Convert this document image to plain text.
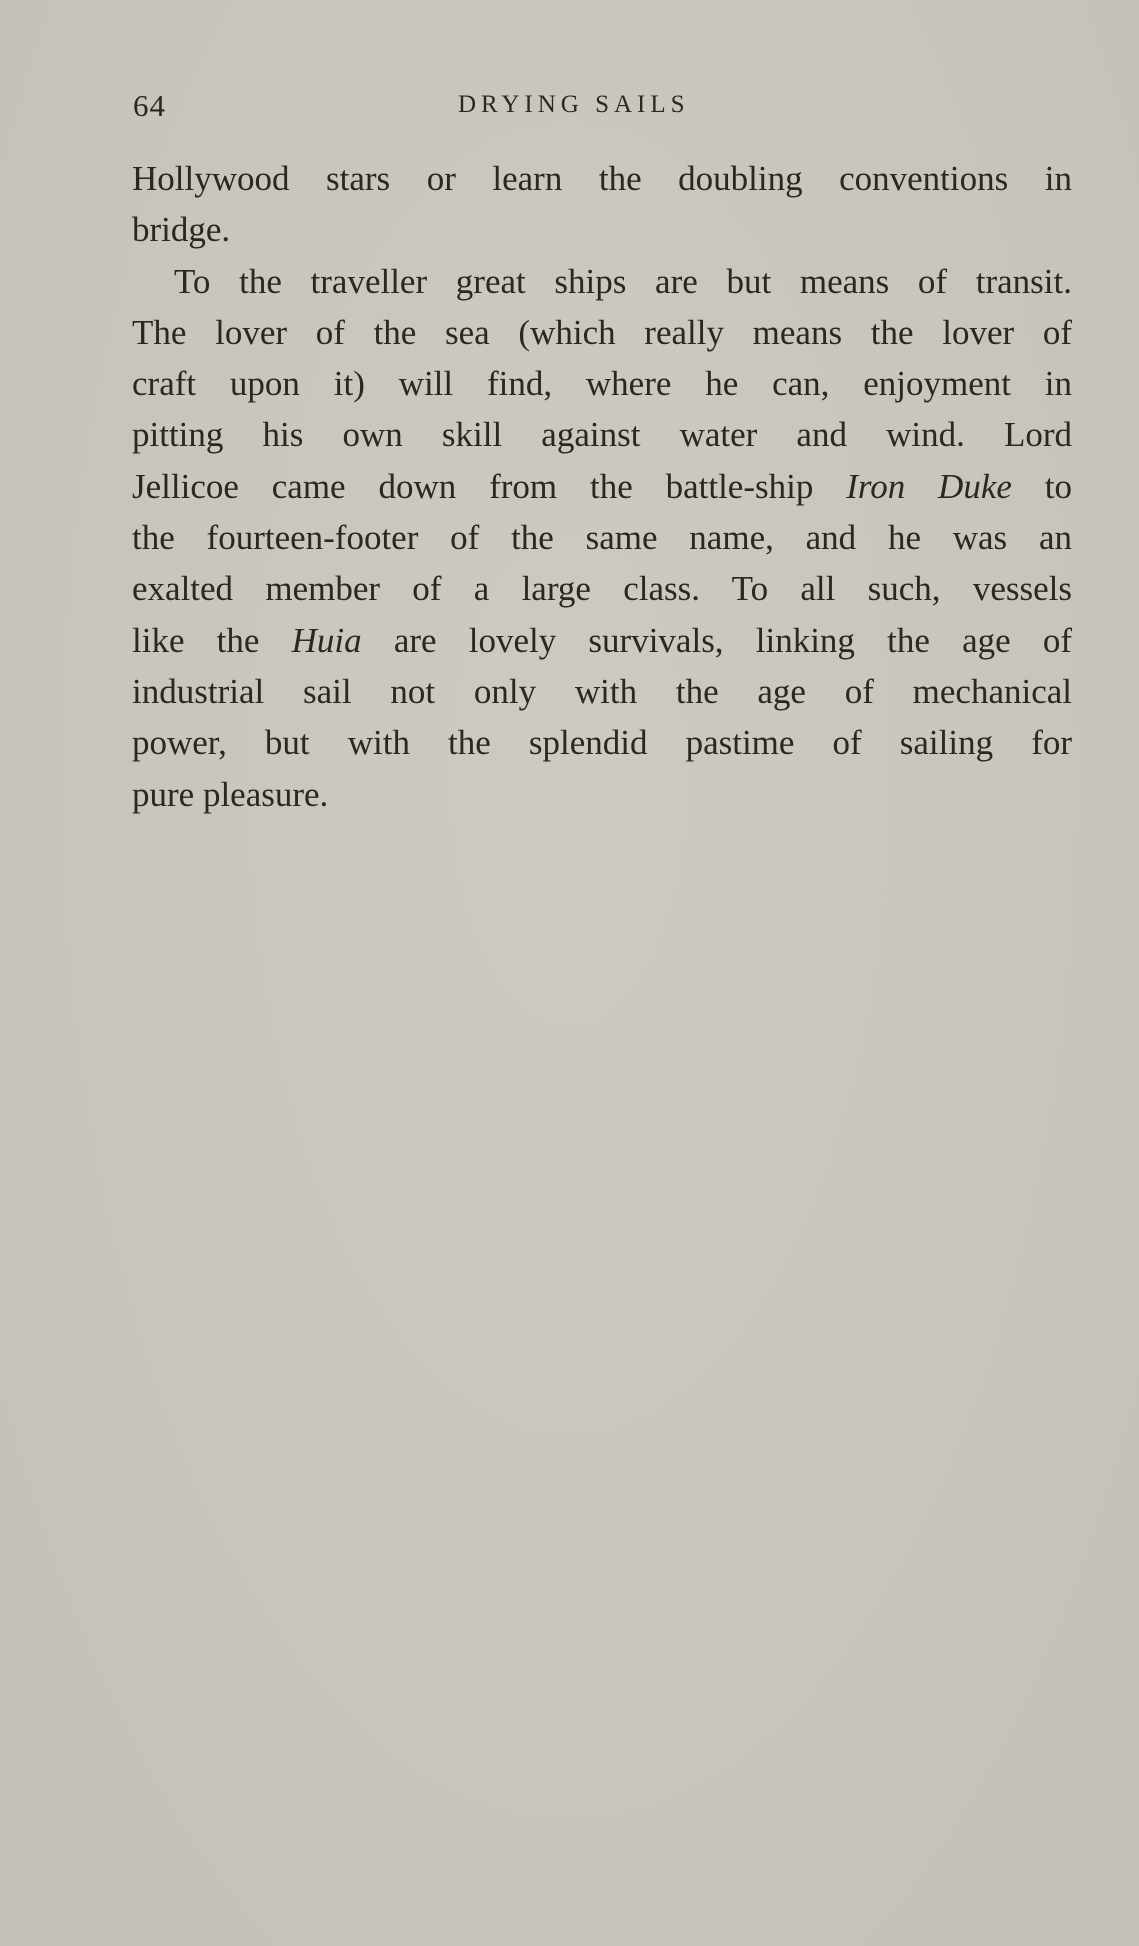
64	DRYING SAILS
Hollywood stars or learn the doubling conventions in
bridge.
To the traveller great ships are but means of transit.
The lover of the sea (which really means the lover of
craft upon it) will find, where he can, enjoyment in
pitting his own skill against water and wind. Lord
Jellicoe came down from the battle-ship Iron Duke to
the fourteen-footer of the same name, and he was an
exalted member of a large class. To all such, vessels
like the Huia are lovely survivals, linking the age of
industrial sail not only with the age of mechanical
power, but with the splendid pastime of sailing for
pure pleasure.
